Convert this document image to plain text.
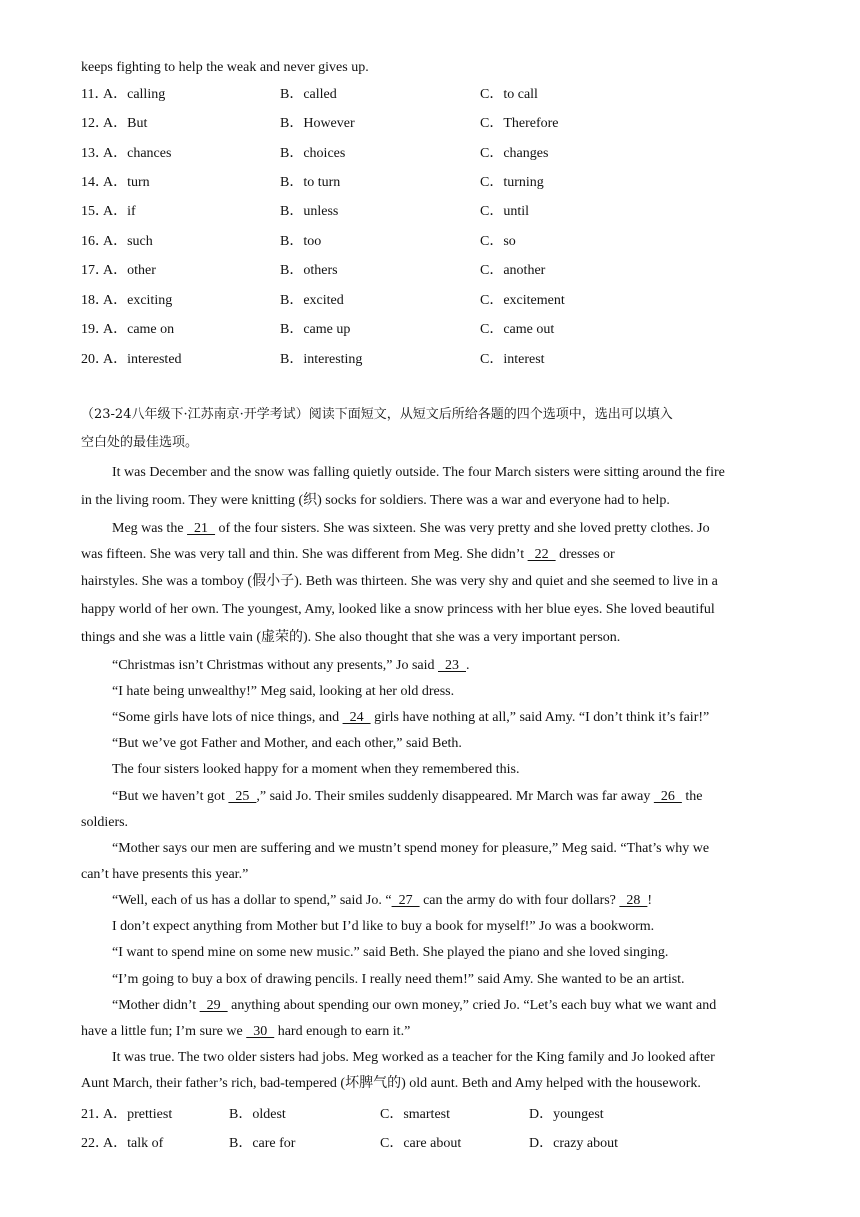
keeps fighting to help the weak and never gives up.
11．
A．calling	B．called	C．to call
12．
A．But	B．However	C．Therefore
13．
A．chances	B．choices	C．changes
14．
A．turn	B．to turn	C．turning
15．
A．if	B．unless	C．until
16．
A．such	B．too	C．so
17．
A．other	B．others	C．another
18．
A．exciting	B．excited	C．excitement
19．
A．came on	B．came up	C．came out
20．
A．interested	B．interesting	C．interest
（23-24八年级下·江苏南京·开学考试）阅读下面短文，从短文后所给各题的四个选项中，选出可以填入
空白处的最佳选项。
It was December and the snow was falling quietly outside. The four March sisters were sitting around the fire
in the living room. They were knitting (织) socks for soldiers. There was a war and everyone had to help.
Meg was the   21   of the four sisters. She was sixteen. She was very pretty and she loved pretty clothes. Jo
was fifteen. She was very tall and thin. She was different from Meg. She didn’t   22   dresses or
hairstyles. She was a tomboy (假小子). Beth was thirteen. She was very shy and quiet and she seemed to live in a
happy world of her own. The youngest, Amy, looked like a snow princess with her blue eyes. She loved beautiful
things and she was a little vain (虚荣的). She also thought that she was a very important person.
“Christmas isn’t Christmas without any presents,” Jo said   23  .
“I hate being unwealthy!” Meg said, looking at her old dress.
“Some girls have lots of nice things, and   24   girls have nothing at all,” said Amy. “I don’t think it’s fair!”
“But we’ve got Father and Mother, and each other,” said Beth.
The four sisters looked happy for a moment when they remembered this.
“But we haven’t got   25  ,” said Jo. Their smiles suddenly disappeared. Mr March was far away   26   the
soldiers.
“Mother says our men are suffering and we mustn’t spend money for pleasure,” Meg said. “That’s why we
can’t have presents this year.”
“Well, each of us has a dollar to spend,” said Jo. “  27   can the army do with four dollars?   28  !
I don’t expect anything from Mother but I’d like to buy a book for myself!” Jo was a bookworm.
“I want to spend mine on some new music.” said Beth. She played the piano and she loved singing.
“I’m going to buy a box of drawing pencils. I really need them!” said Amy. She wanted to be an artist.
“Mother didn’t   29   anything about spending our own money,” cried Jo. “Let’s each buy what we want and
have a little fun; I’m sure we   30   hard enough to earn it.”
It was true. The two older sisters had jobs. Meg worked as a teacher for the King family and Jo looked after
Aunt March, their father’s rich, bad-tempered (坏脾气的) old aunt. Beth and Amy helped with the housework.
21．
A．prettiest	B．oldest	C．smartest	D．youngest
22．
A．talk of	B．care for	C．care about	D．crazy about
